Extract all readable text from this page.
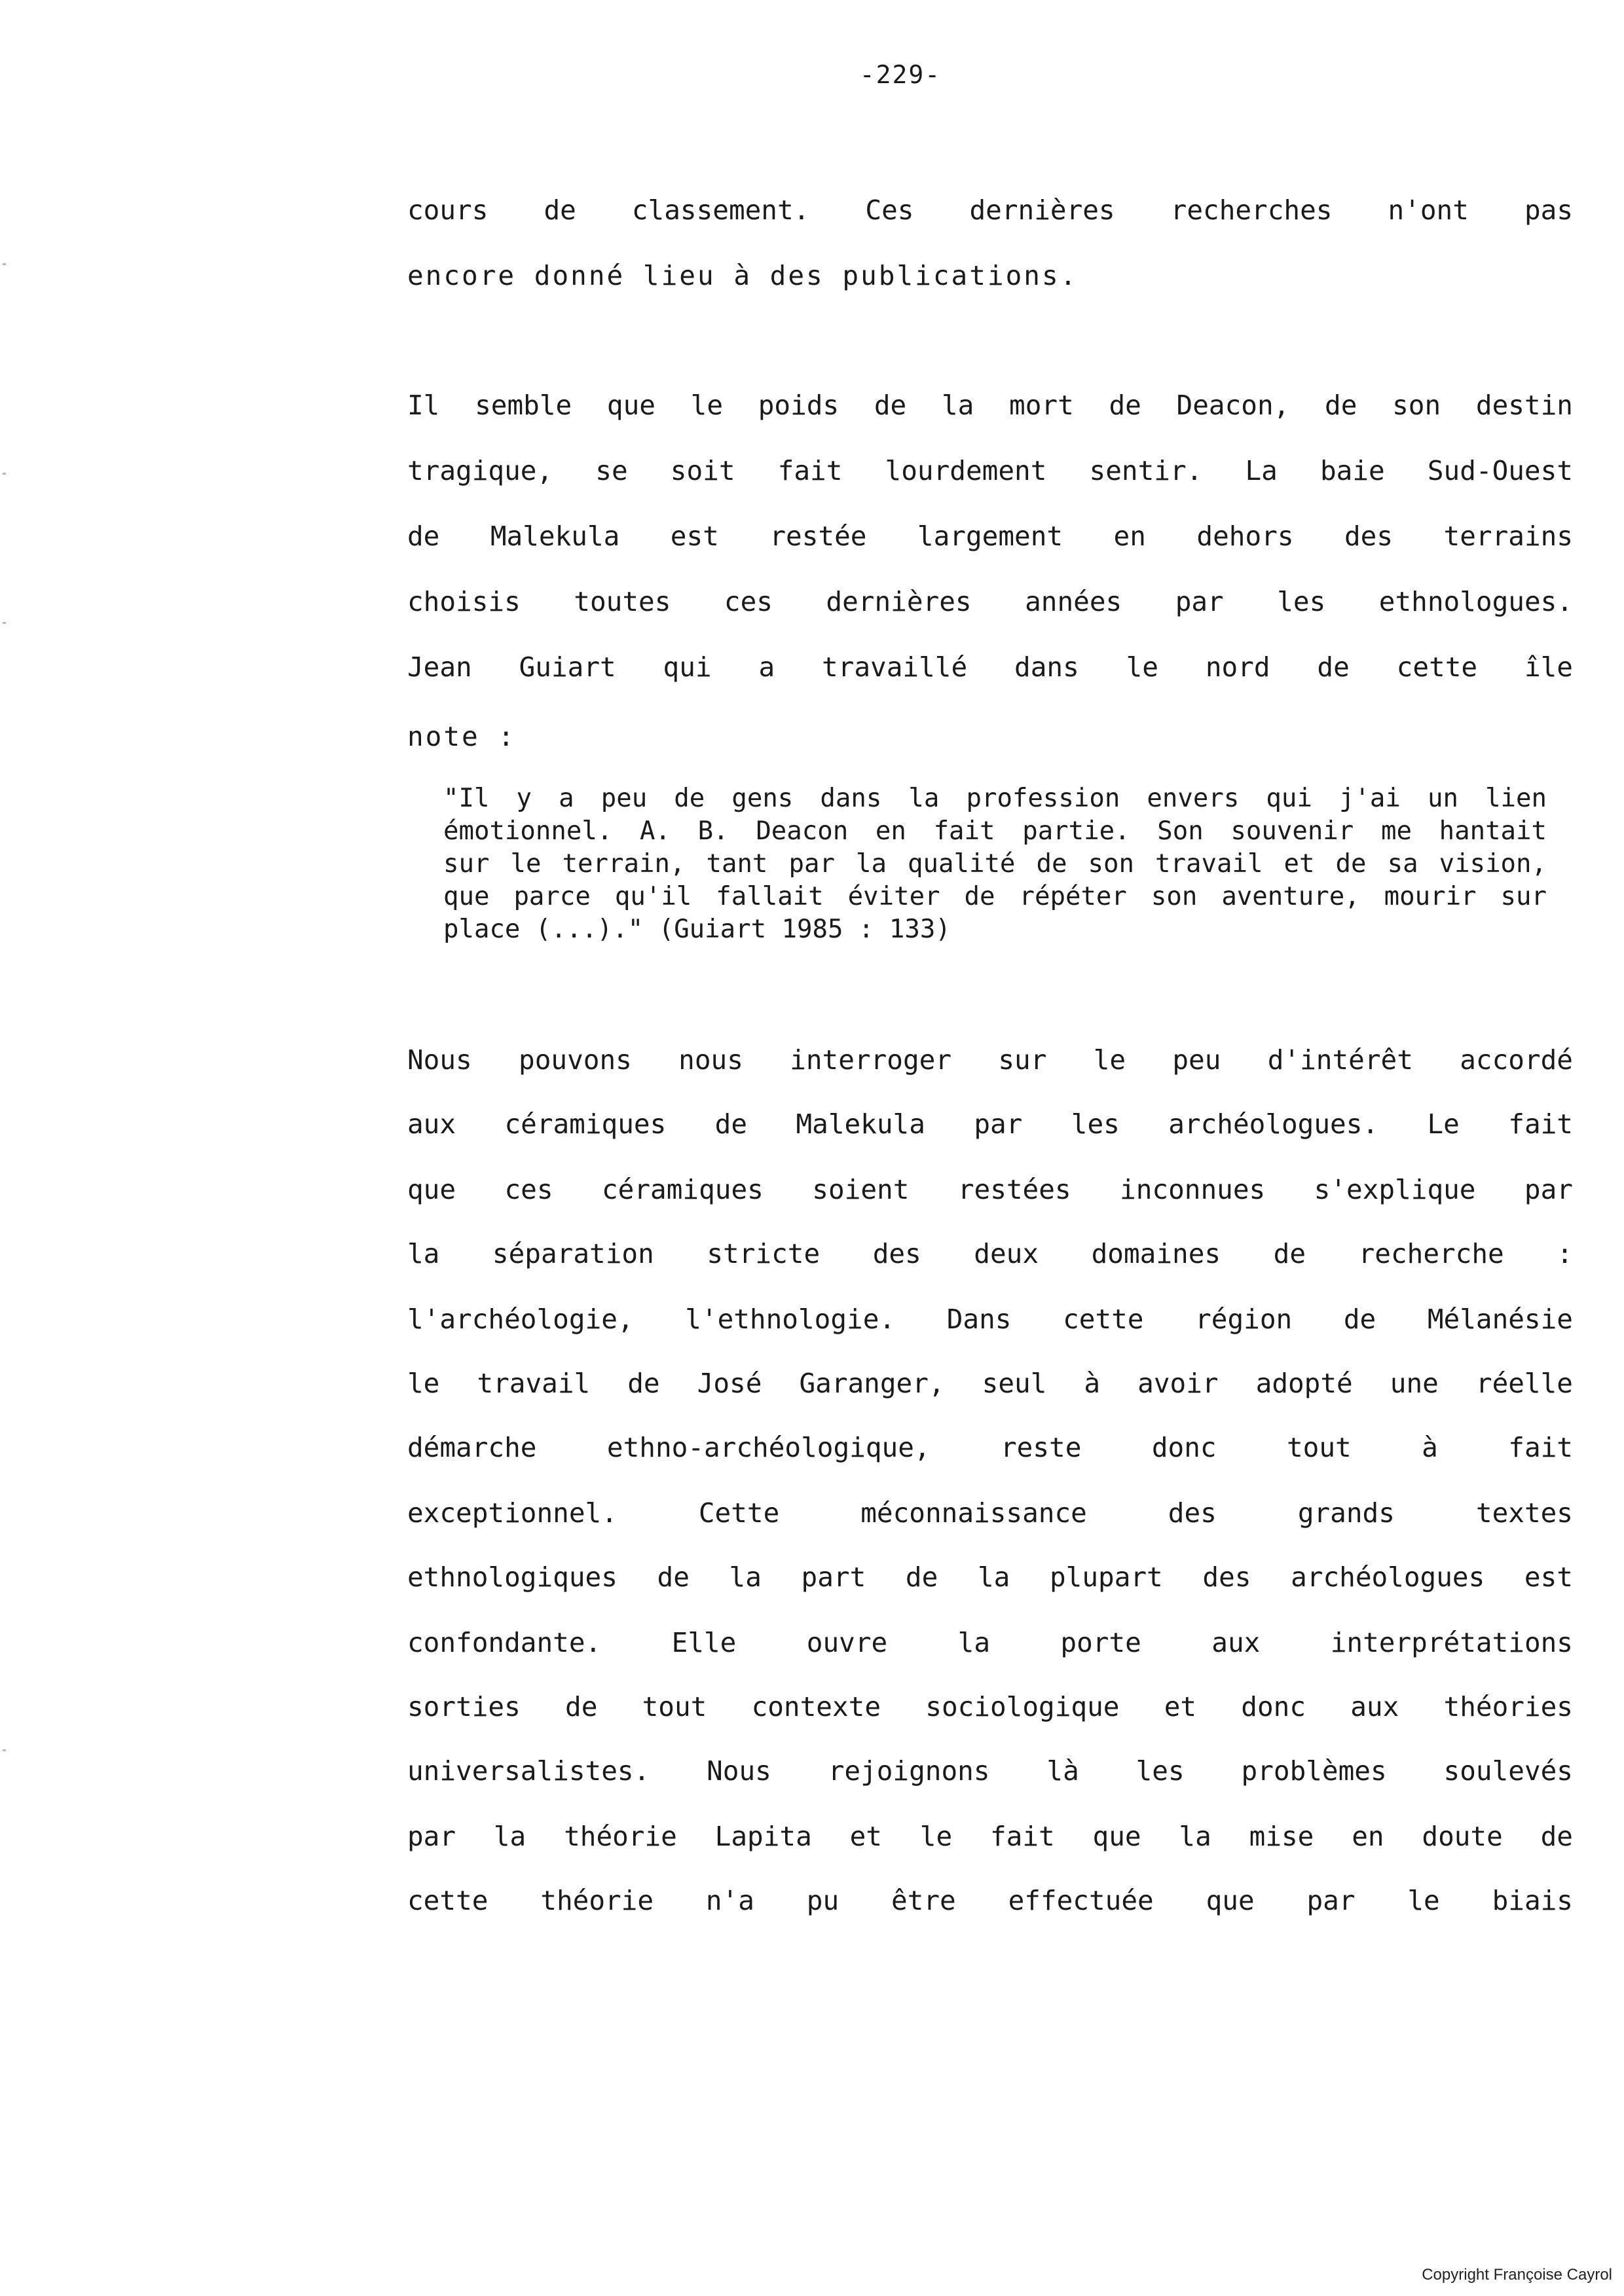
-229-
cours de classement. Ces dernières recherches n'ont pas
encore donné lieu à des publications.
Il semble que le poids de la mort de Deacon, de son destin
tragique, se soit fait lourdement sentir. La baie Sud-Ouest
de Malekula est restée largement en dehors des terrains
choisis toutes ces dernières années par les ethnologues.
Jean Guiart qui a travaillé dans le nord de cette île
note :
"Il y a peu de gens dans la profession envers qui j'ai un lien
émotionnel. A. B. Deacon en fait partie. Son souvenir me hantait
sur le terrain, tant par la qualité de son travail et de sa vision,
que parce qu'il fallait éviter de répéter son aventure, mourir sur
place (...)." (Guiart 1985 : 133)
Nous pouvons nous interroger sur le peu d'intérêt accordé
aux céramiques de Malekula par les archéologues. Le fait
que ces céramiques soient restées inconnues s'explique par
la séparation stricte des deux domaines de recherche :
l'archéologie, l'ethnologie. Dans cette région de Mélanésie
le travail de José Garanger, seul à avoir adopté une réelle
démarche ethno-archéologique, reste donc tout à fait
exceptionnel. Cette méconnaissance des grands textes
ethnologiques de la part de la plupart des archéologues est
confondante. Elle ouvre la porte aux interprétations
sorties de tout contexte sociologique et donc aux théories
universalistes. Nous rejoignons là les problèmes soulevés
par la théorie Lapita et le fait que la mise en doute de
cette théorie n'a pu être effectuée que par le biais
Copyright Françoise Cayrol
